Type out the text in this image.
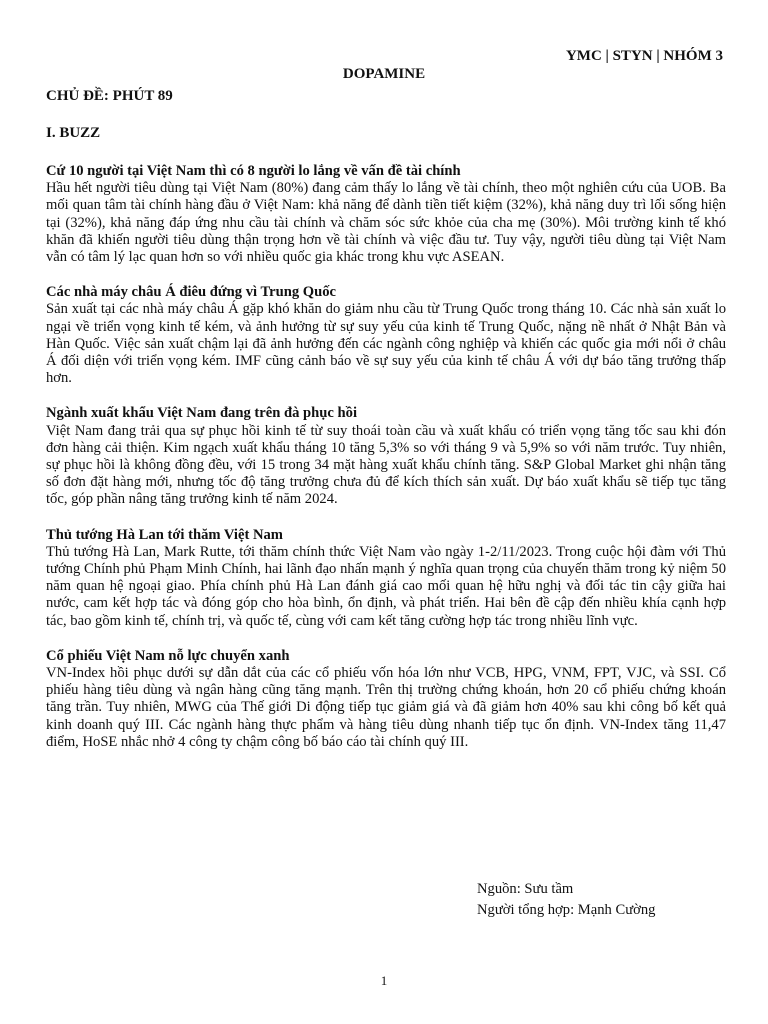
YMC | STYN | NHÓM 3
DOPAMINE
CHỦ ĐỀ: PHÚT 89
I. BUZZ
Cứ 10 người tại Việt Nam thì có 8 người lo lắng về vấn đề tài chính

Hầu hết người tiêu dùng tại Việt Nam (80%) đang cảm thấy lo lắng về tài chính, theo một nghiên cứu của UOB. Ba mối quan tâm tài chính hàng đầu ở Việt Nam: khả năng để dành tiền tiết kiệm (32%), khả năng duy trì lối sống hiện tại (32%), khả năng đáp ứng nhu cầu tài chính và chăm sóc sức khỏe của cha mẹ (30%). Môi trường kinh tế khó khăn đã khiến người tiêu dùng thận trọng hơn về tài chính và việc đầu tư. Tuy vậy, người tiêu dùng tại Việt Nam vẫn có tâm lý lạc quan hơn so với nhiều quốc gia khác trong khu vực ASEAN.

Các nhà máy châu Á điêu đứng vì Trung Quốc

Sản xuất tại các nhà máy châu Á gặp khó khăn do giảm nhu cầu từ Trung Quốc trong tháng 10. Các nhà sản xuất lo ngại về triển vọng kinh tế kém, và ảnh hưởng từ sự suy yếu của kinh tế Trung Quốc, nặng nề nhất ở Nhật Bản và Hàn Quốc. Việc sản xuất chậm lại đã ảnh hưởng đến các ngành công nghiệp và khiến các quốc gia mới nổi ở châu Á đối diện với triển vọng kém. IMF cũng cảnh báo về sự suy yếu của kinh tế châu Á với dự báo tăng trưởng thấp hơn.

Ngành xuất khẩu Việt Nam đang trên đà phục hồi

Việt Nam đang trải qua sự phục hồi kinh tế từ suy thoái toàn cầu và xuất khẩu có triển vọng tăng tốc sau khi đón đơn hàng cải thiện. Kim ngạch xuất khẩu tháng 10 tăng 5,3% so với tháng 9 và 5,9% so với năm trước. Tuy nhiên, sự phục hồi là không đồng đều, với 15 trong 34 mặt hàng xuất khẩu chính tăng. S&P Global Market ghi nhận tăng số đơn đặt hàng mới, nhưng tốc độ tăng trưởng chưa đủ để kích thích sản xuất. Dự báo xuất khẩu sẽ tiếp tục tăng tốc, góp phần nâng tăng trưởng kinh tế năm 2024.

Thủ tướng Hà Lan tới thăm Việt Nam

Thủ tướng Hà Lan, Mark Rutte, tới thăm chính thức Việt Nam vào ngày 1-2/11/2023. Trong cuộc hội đàm với Thủ tướng Chính phủ Phạm Minh Chính, hai lãnh đạo nhấn mạnh ý nghĩa quan trọng của chuyến thăm trong kỷ niệm 50 năm quan hệ ngoại giao. Phía chính phủ Hà Lan đánh giá cao mối quan hệ hữu nghị và đối tác tin cậy giữa hai nước, cam kết hợp tác và đóng góp cho hòa bình, ổn định, và phát triển. Hai bên đề cập đến nhiều khía cạnh hợp tác, bao gồm kinh tế, chính trị, và quốc tế, cùng với cam kết tăng cường hợp tác trong nhiều lĩnh vực.

Cổ phiếu Việt Nam nỗ lực chuyển xanh

VN-Index hồi phục dưới sự dẫn dắt của các cổ phiếu vốn hóa lớn như VCB, HPG, VNM, FPT, VJC, và SSI. Cổ phiếu hàng tiêu dùng và ngân hàng cũng tăng mạnh. Trên thị trường chứng khoán, hơn 20 cổ phiếu chứng khoán tăng trần. Tuy nhiên, MWG của Thế giới Di động tiếp tục giảm giá và đã giảm hơn 40% sau khi công bố kết quả kinh doanh quý III. Các ngành hàng thực phẩm và hàng tiêu dùng nhanh tiếp tục ổn định. VN-Index tăng 11,47 điểm, HoSE nhắc nhở 4 công ty chậm công bố báo cáo tài chính quý III.

Nguồn: Sưu tầm
Người tổng hợp: Mạnh Cường
1
